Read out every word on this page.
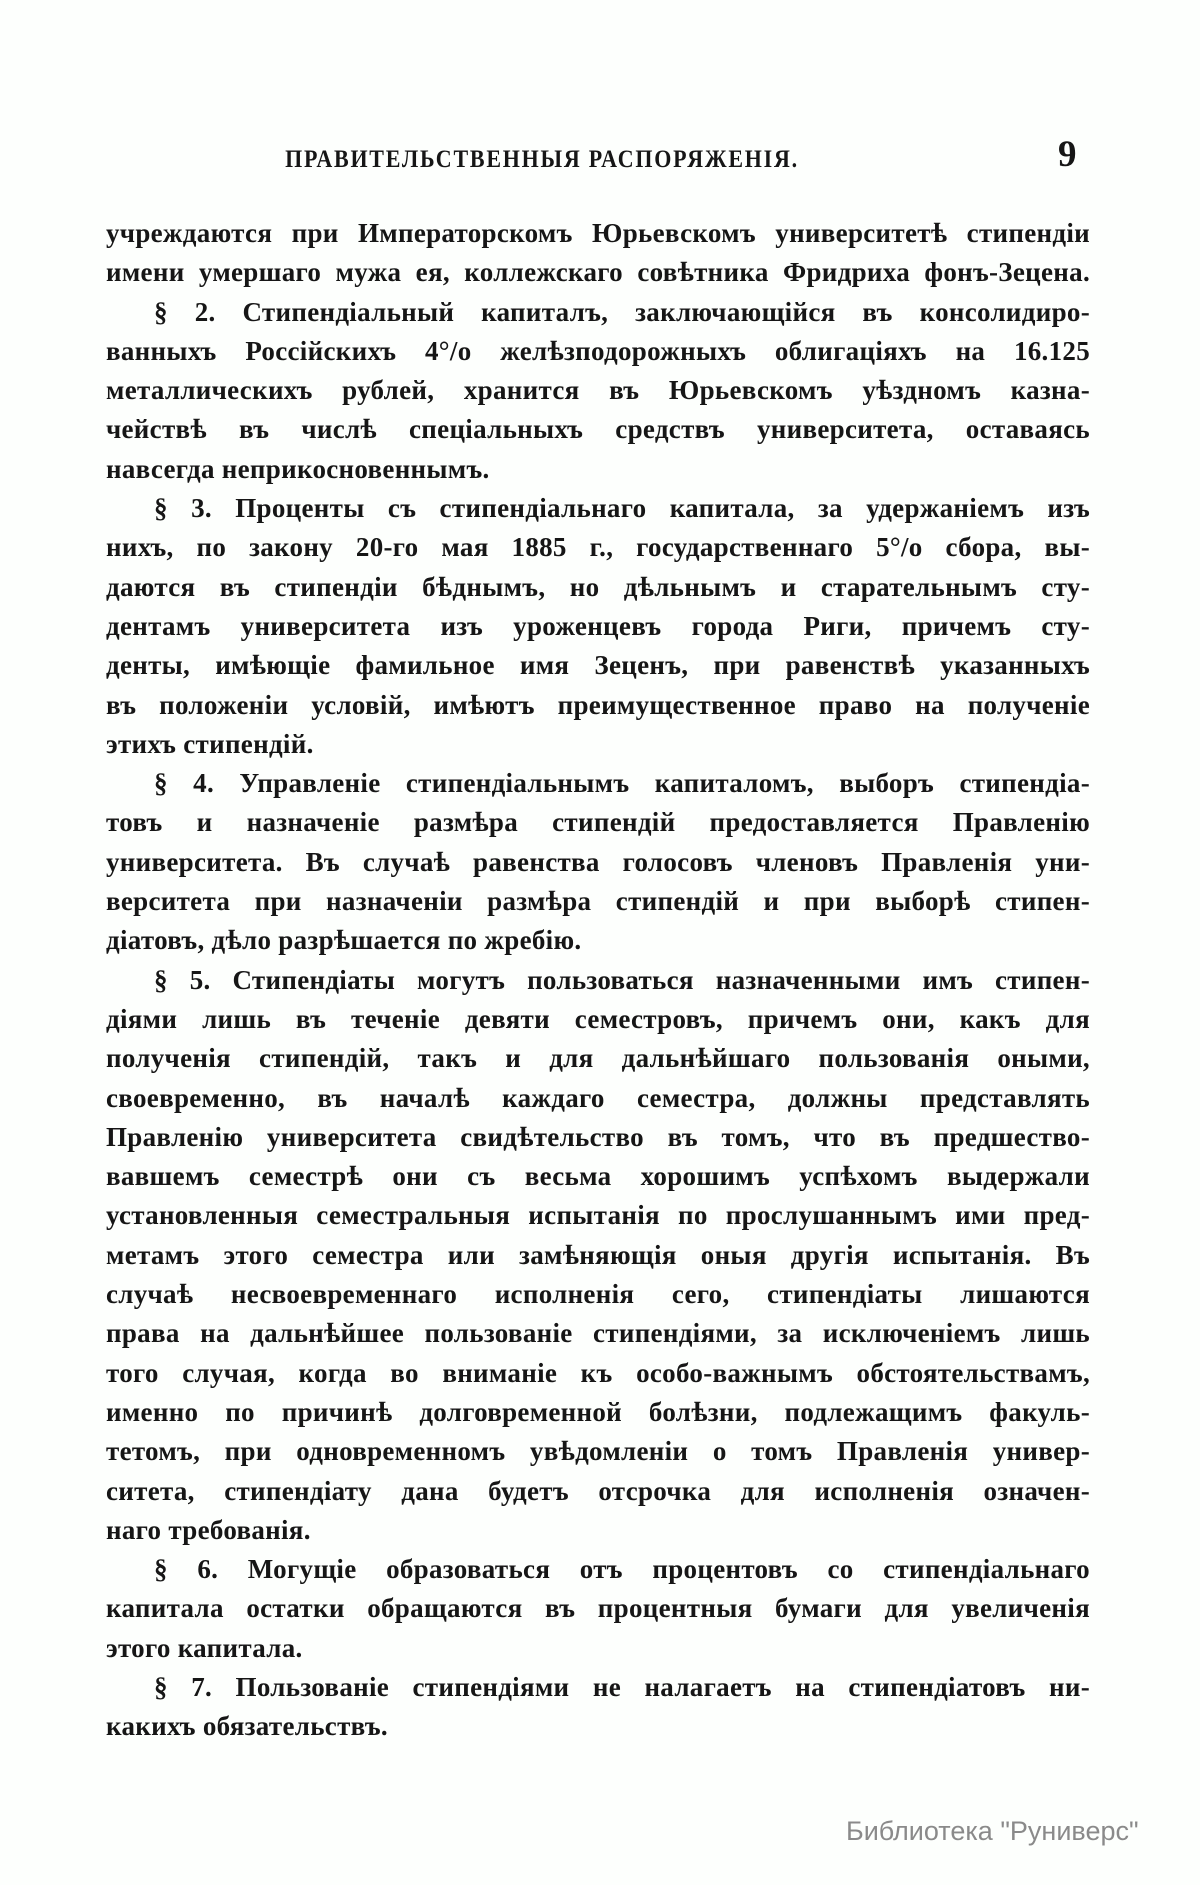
ПРАВИТЕЛЬСТВЕННЫЯ РАСПОРЯЖЕНІЯ.	9
учреждаются при Императорскомъ Юрьевскомъ университетѣ стипендіи
имени умершаго мужа ея, коллежскаго совѣтника Фридриха фонъ-Зецена.
§ 2. Стипендіальный капиталъ, заключающійся въ консолидиро-
ванныхъ Россійскихъ 4°/о желѣзподорожныхъ облигаціяхъ на 16.125
металлическихъ рублей, хранится въ Юрьевскомъ уѣздномъ казна-
чействѣ въ числѣ спеціальныхъ средствъ университета, оставаясь
навсегда неприкосновеннымъ.
§ 3. Проценты съ стипендіальнаго капитала, за удержаніемъ изъ
нихъ, по закону 20-го мая 1885 г., государственнаго 5°/о сбора, вы-
даются въ стипендіи бѣднымъ, но дѣльнымъ и старательнымъ сту-
дентамъ университета изъ уроженцевъ города Риги, причемъ сту-
денты, имѣющіе фамильное имя Зеценъ, при равенствѣ указанныхъ
въ положеніи условій, имѣютъ преимущественное право на полученіе
этихъ стипендій.
§ 4. Управленіе стипендіальнымъ капиталомъ, выборъ стипендіа-
товъ и назначеніе размѣра стипендій предоставляется Правленію
университета. Въ случаѣ равенства голосовъ членовъ Правленія уни-
верситета при назначеніи размѣра стипендій и при выборѣ стипен-
діатовъ, дѣло разрѣшается по жребію.
§ 5. Стипендіаты могутъ пользоваться назначенными имъ стипен-
діями лишь въ теченіе девяти семестровъ, причемъ они, какъ для
полученія стипендій, такъ и для дальнѣйшаго пользованія оными,
своевременно, въ началѣ каждаго семестра, должны представлять
Правленію университета свидѣтельство въ томъ, что въ предшество-
вавшемъ семестрѣ они съ весьма хорошимъ успѣхомъ выдержали
установленныя семестральныя испытанія по прослушаннымъ ими пред-
метамъ этого семестра или замѣняющія оныя другія испытанія. Въ
случаѣ несвоевременнаго исполненія сего, стипендіаты лишаются
права на дальнѣйшее пользованіе стипендіями, за исключеніемъ лишь
того случая, когда во вниманіе къ особо-важнымъ обстоятельствамъ,
именно по причинѣ долговременной болѣзни, подлежащимъ факуль-
тетомъ, при одновременномъ увѣдомленіи о томъ Правленія универ-
ситета, стипендіату дана будетъ отсрочка для исполненія означен-
наго требованія.
§ 6. Могущіе образоваться отъ процентовъ со стипендіальнаго
капитала остатки обращаются въ процентныя бумаги для увеличенія
этого капитала.
§ 7. Пользованіе стипендіями не налагаетъ на стипендіатовъ ни-
какихъ обязательствъ.
Библиотека "Руниверс"
